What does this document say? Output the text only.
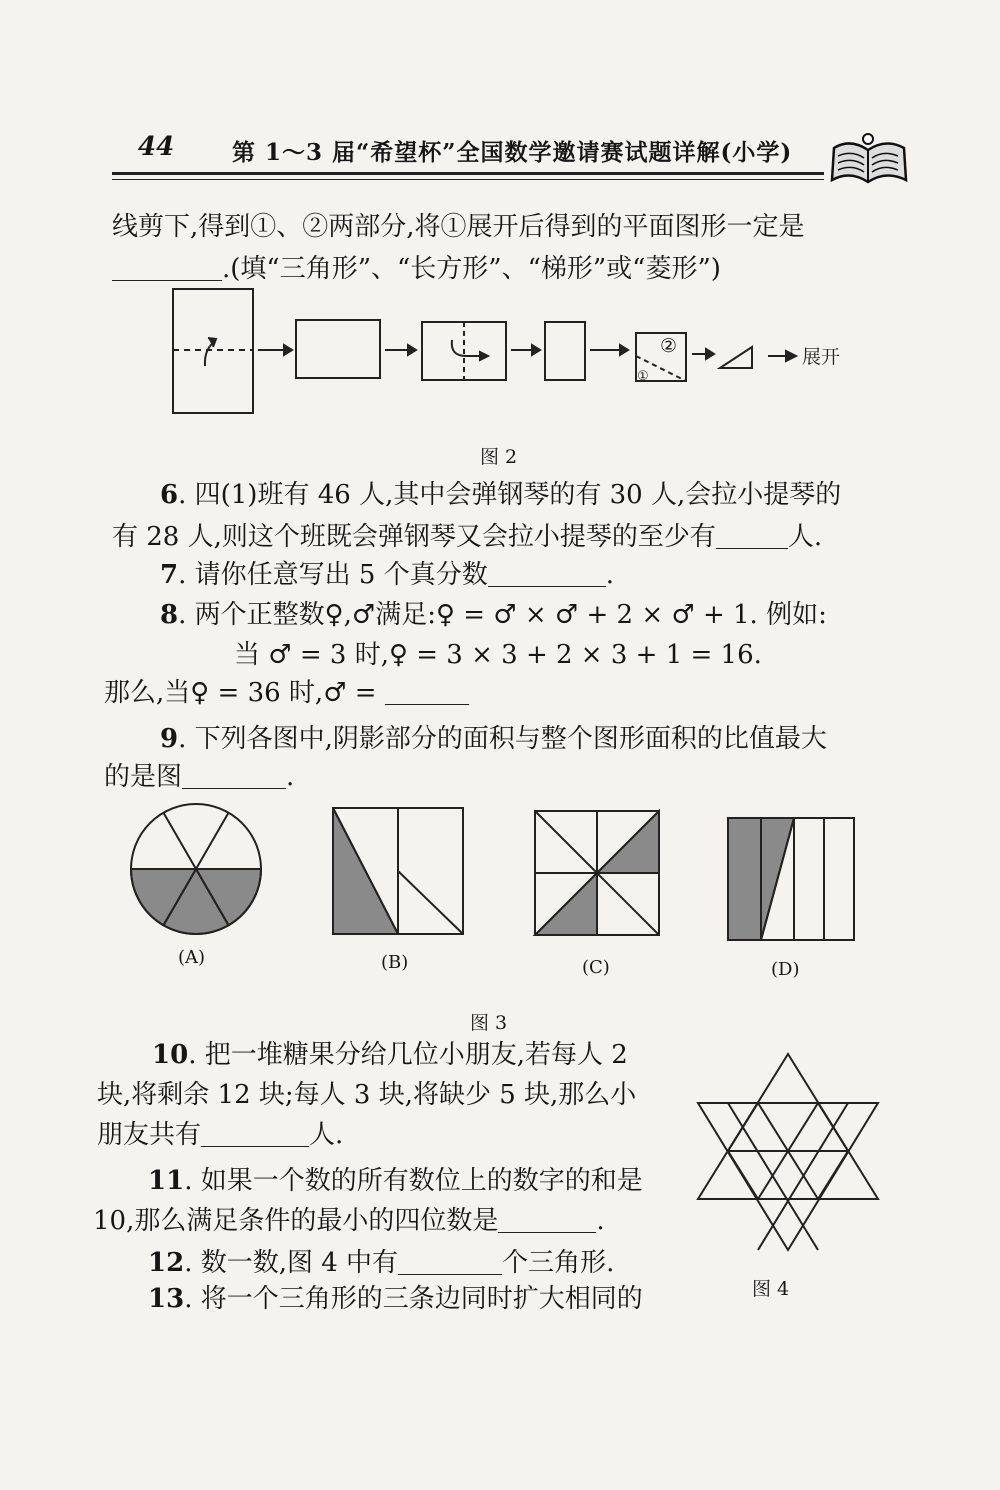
44	第 1～3 届“希望杯”全国数学邀请赛试题详解(小学)
线剪下,得到①、②两部分,将①展开后得到的平面图形一定是
.(填“三角形”、“长方形”、“梯形”或“菱形”)
②
①
展开
图 2
6. 四(1)班有 46 人,其中会弹钢琴的有 30 人,会拉小提琴的
有 28 人,则这个班既会弹钢琴又会拉小提琴的至少有	人.
7. 请你任意写出 5 个真分数	.
8. 两个正整数♀,♂满足:♀ = ♂ × ♂ + 2 × ♂ + 1. 例如:
当 ♂ = 3 时,♀ = 3 × 3 + 2 × 3 + 1 = 16.
那么,当♀ = 36 时,♂ =
9. 下列各图中,阴影部分的面积与整个图形面积的比值最大
的是图	.
(A)	(B)	(C)	(D)
图 3
10. 把一堆糖果分给几位小朋友,若每人 2
块,将剩余 12 块;每人 3 块,将缺少 5 块,那么小
朋友共有	人.
11. 如果一个数的所有数位上的数字的和是
10,那么满足条件的最小的四位数是	.
12. 数一数,图 4 中有	个三角形.
13. 将一个三角形的三条边同时扩大相同的	图 4
